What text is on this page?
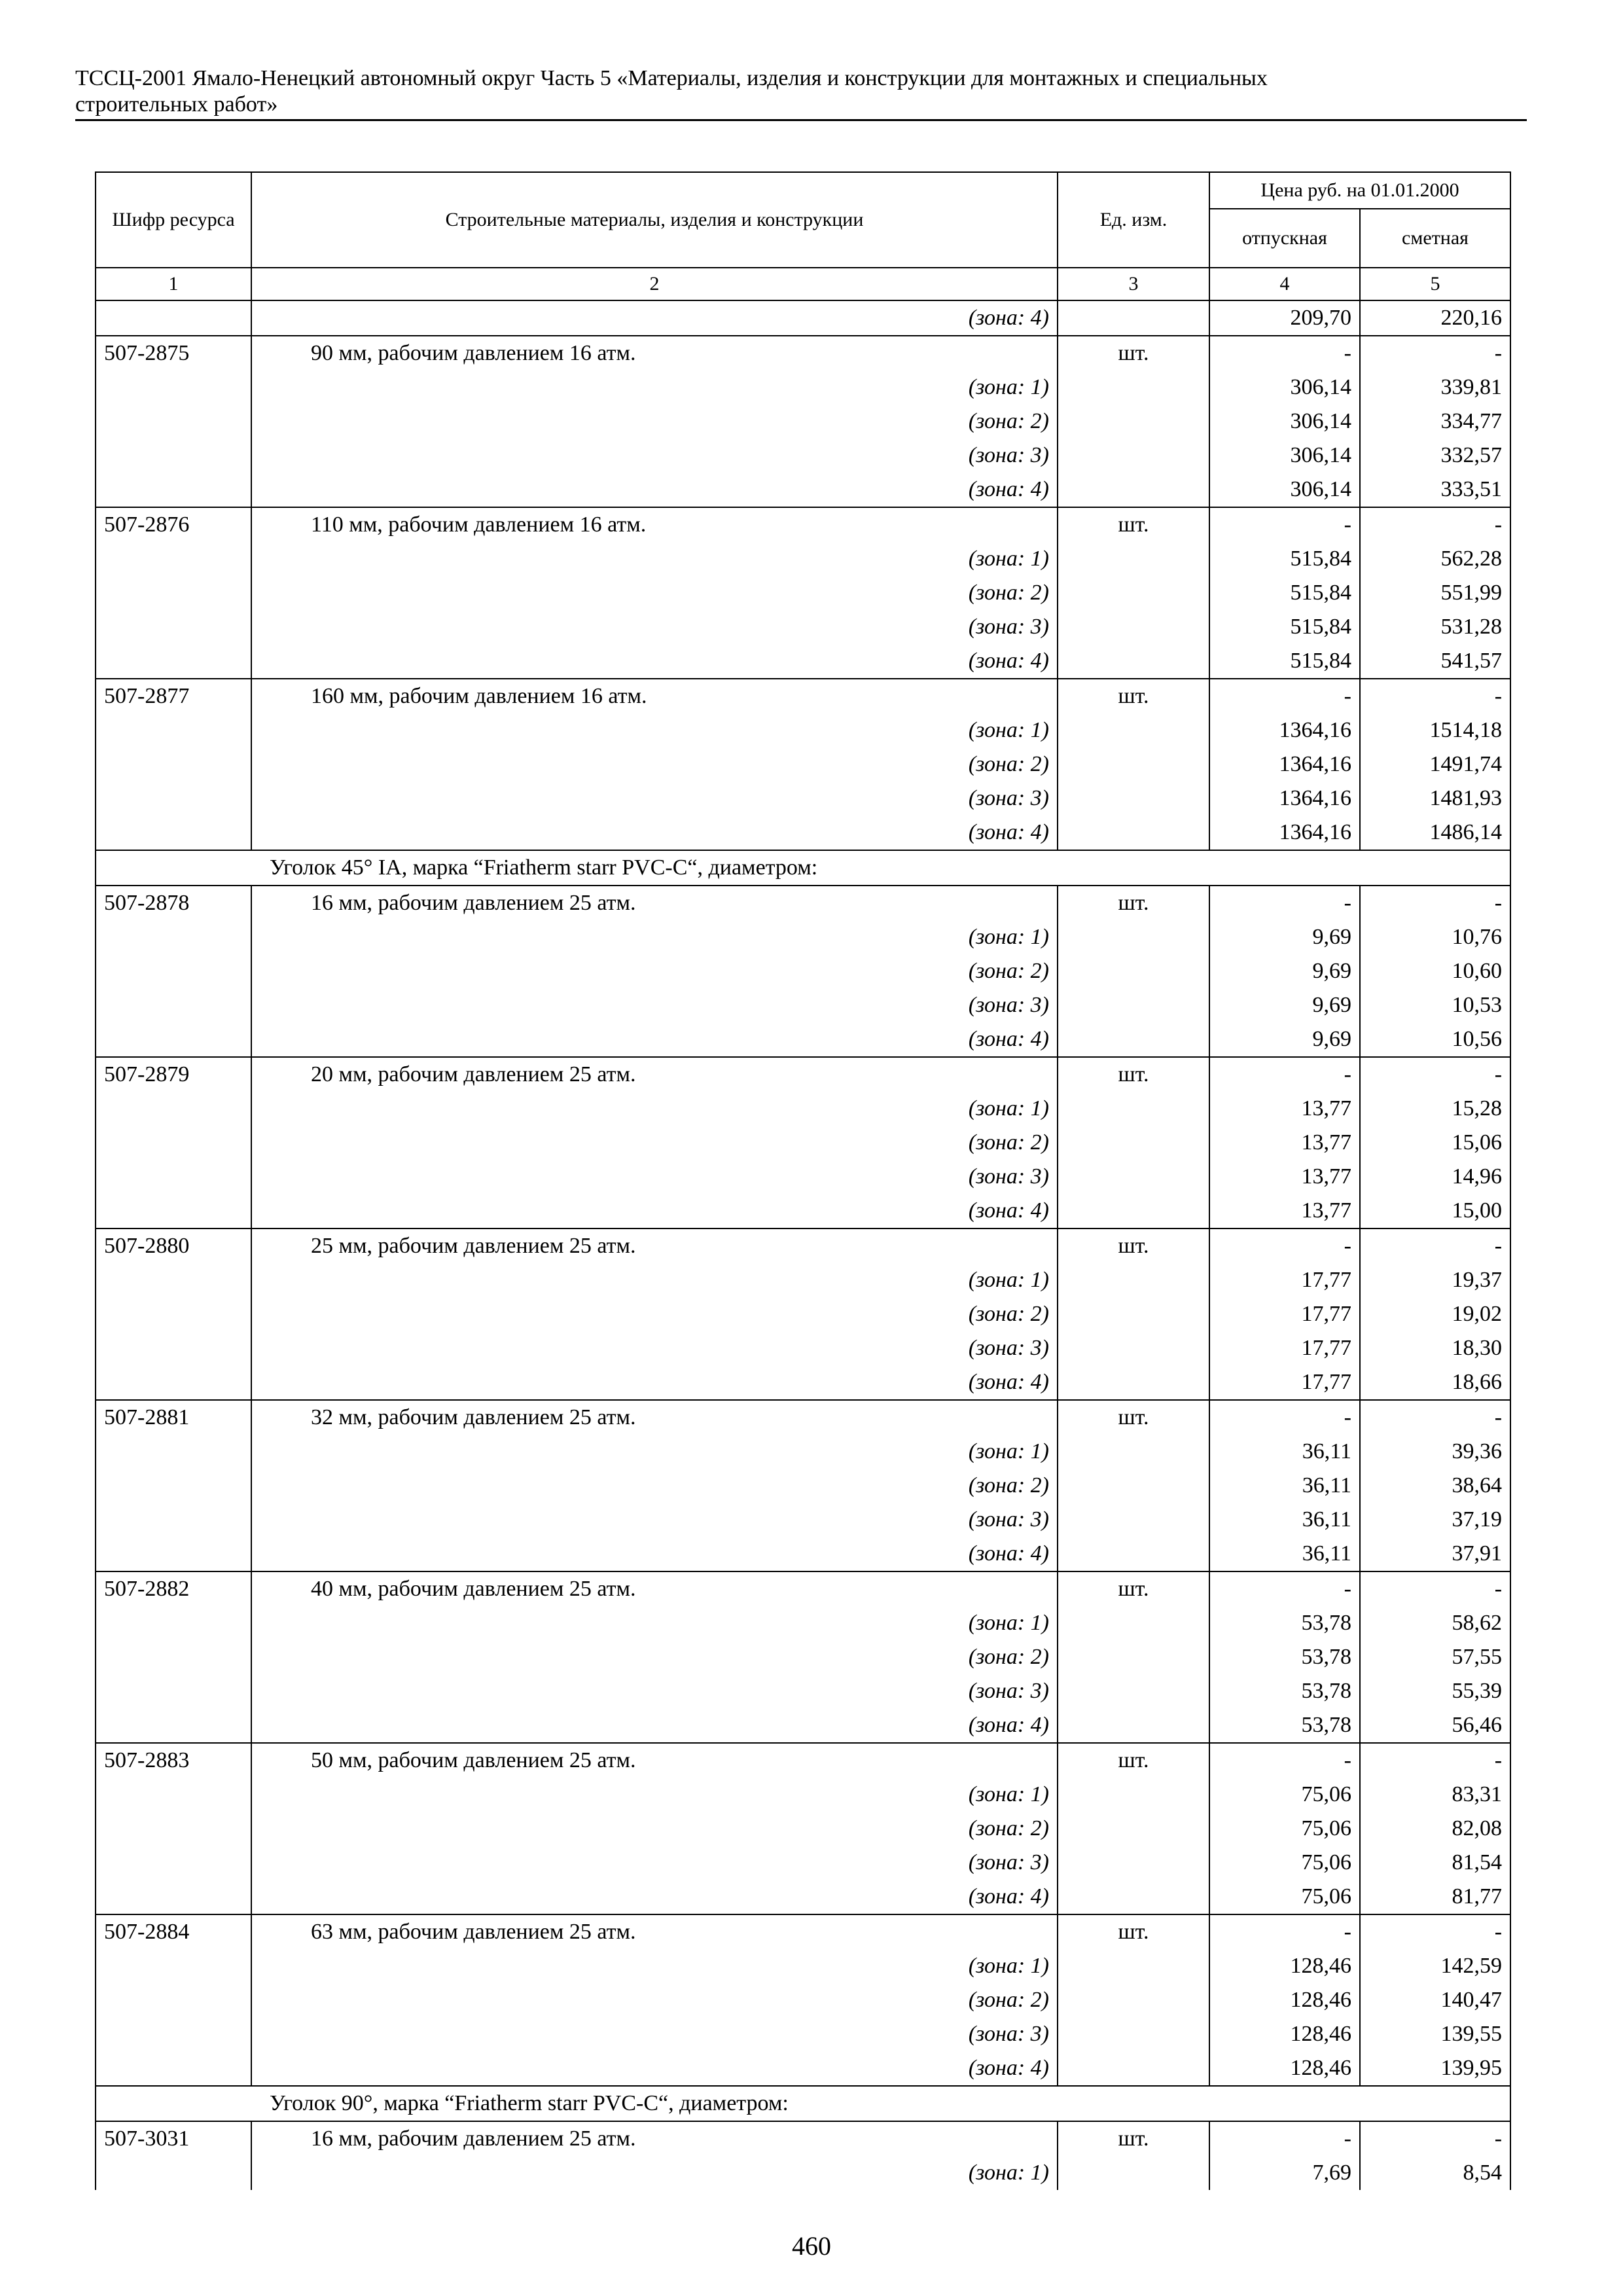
ТССЦ-2001 Ямало-Ненецкий автономный округ Часть 5 «Материалы, изделия и конструкции для монтажных и специальных
строительных работ»
Шифр ресурса	Строительные материалы, изделия и конструкции	Ед. изм.	Цена руб. на 01.01.2000	
			отпускная	сметная
1	2	3	4	5
	(зона: 4)		209,70	220,16
507-2875	90 мм, рабочим давлением 16 атм.	шт.	-	-
	(зона: 1)		306,14	339,81
	(зона: 2)		306,14	334,77
	(зона: 3)		306,14	332,57
	(зона: 4)		306,14	333,51
507-2876	110 мм, рабочим давлением 16 атм.	шт.	-	-
	(зона: 1)		515,84	562,28
	(зона: 2)		515,84	551,99
	(зона: 3)		515,84	531,28
	(зона: 4)		515,84	541,57
507-2877	160 мм, рабочим давлением 16 атм.	шт.	-	-
	(зона: 1)		1364,16	1514,18
	(зона: 2)		1364,16	1491,74
	(зона: 3)		1364,16	1481,93
	(зона: 4)		1364,16	1486,14
	Уголок 45° IA, марка “Friatherm starr PVC-C“, диаметром:			
507-2878	16 мм, рабочим давлением 25 атм.	шт.	-	-
	(зона: 1)		9,69	10,76
	(зона: 2)		9,69	10,60
	(зона: 3)		9,69	10,53
	(зона: 4)		9,69	10,56
507-2879	20 мм, рабочим давлением 25 атм.	шт.	-	-
	(зона: 1)		13,77	15,28
	(зона: 2)		13,77	15,06
	(зона: 3)		13,77	14,96
	(зона: 4)		13,77	15,00
507-2880	25 мм, рабочим давлением 25 атм.	шт.	-	-
	(зона: 1)		17,77	19,37
	(зона: 2)		17,77	19,02
	(зона: 3)		17,77	18,30
	(зона: 4)		17,77	18,66
507-2881	32 мм, рабочим давлением 25 атм.	шт.	-	-
	(зона: 1)		36,11	39,36
	(зона: 2)		36,11	38,64
	(зона: 3)		36,11	37,19
	(зона: 4)		36,11	37,91
507-2882	40 мм, рабочим давлением 25 атм.	шт.	-	-
	(зона: 1)		53,78	58,62
	(зона: 2)		53,78	57,55
	(зона: 3)		53,78	55,39
	(зона: 4)		53,78	56,46
507-2883	50 мм, рабочим давлением 25 атм.	шт.	-	-
	(зона: 1)		75,06	83,31
	(зона: 2)		75,06	82,08
	(зона: 3)		75,06	81,54
	(зона: 4)		75,06	81,77
507-2884	63 мм, рабочим давлением 25 атм.	шт.	-	-
	(зона: 1)		128,46	142,59
	(зона: 2)		128,46	140,47
	(зона: 3)		128,46	139,55
	(зона: 4)		128,46	139,95
	Уголок 90°, марка “Friatherm starr PVC-C“, диаметром:			
507-3031	16 мм, рабочим давлением 25 атм.	шт.	-	-
	(зона: 1)		7,69	8,54
460
